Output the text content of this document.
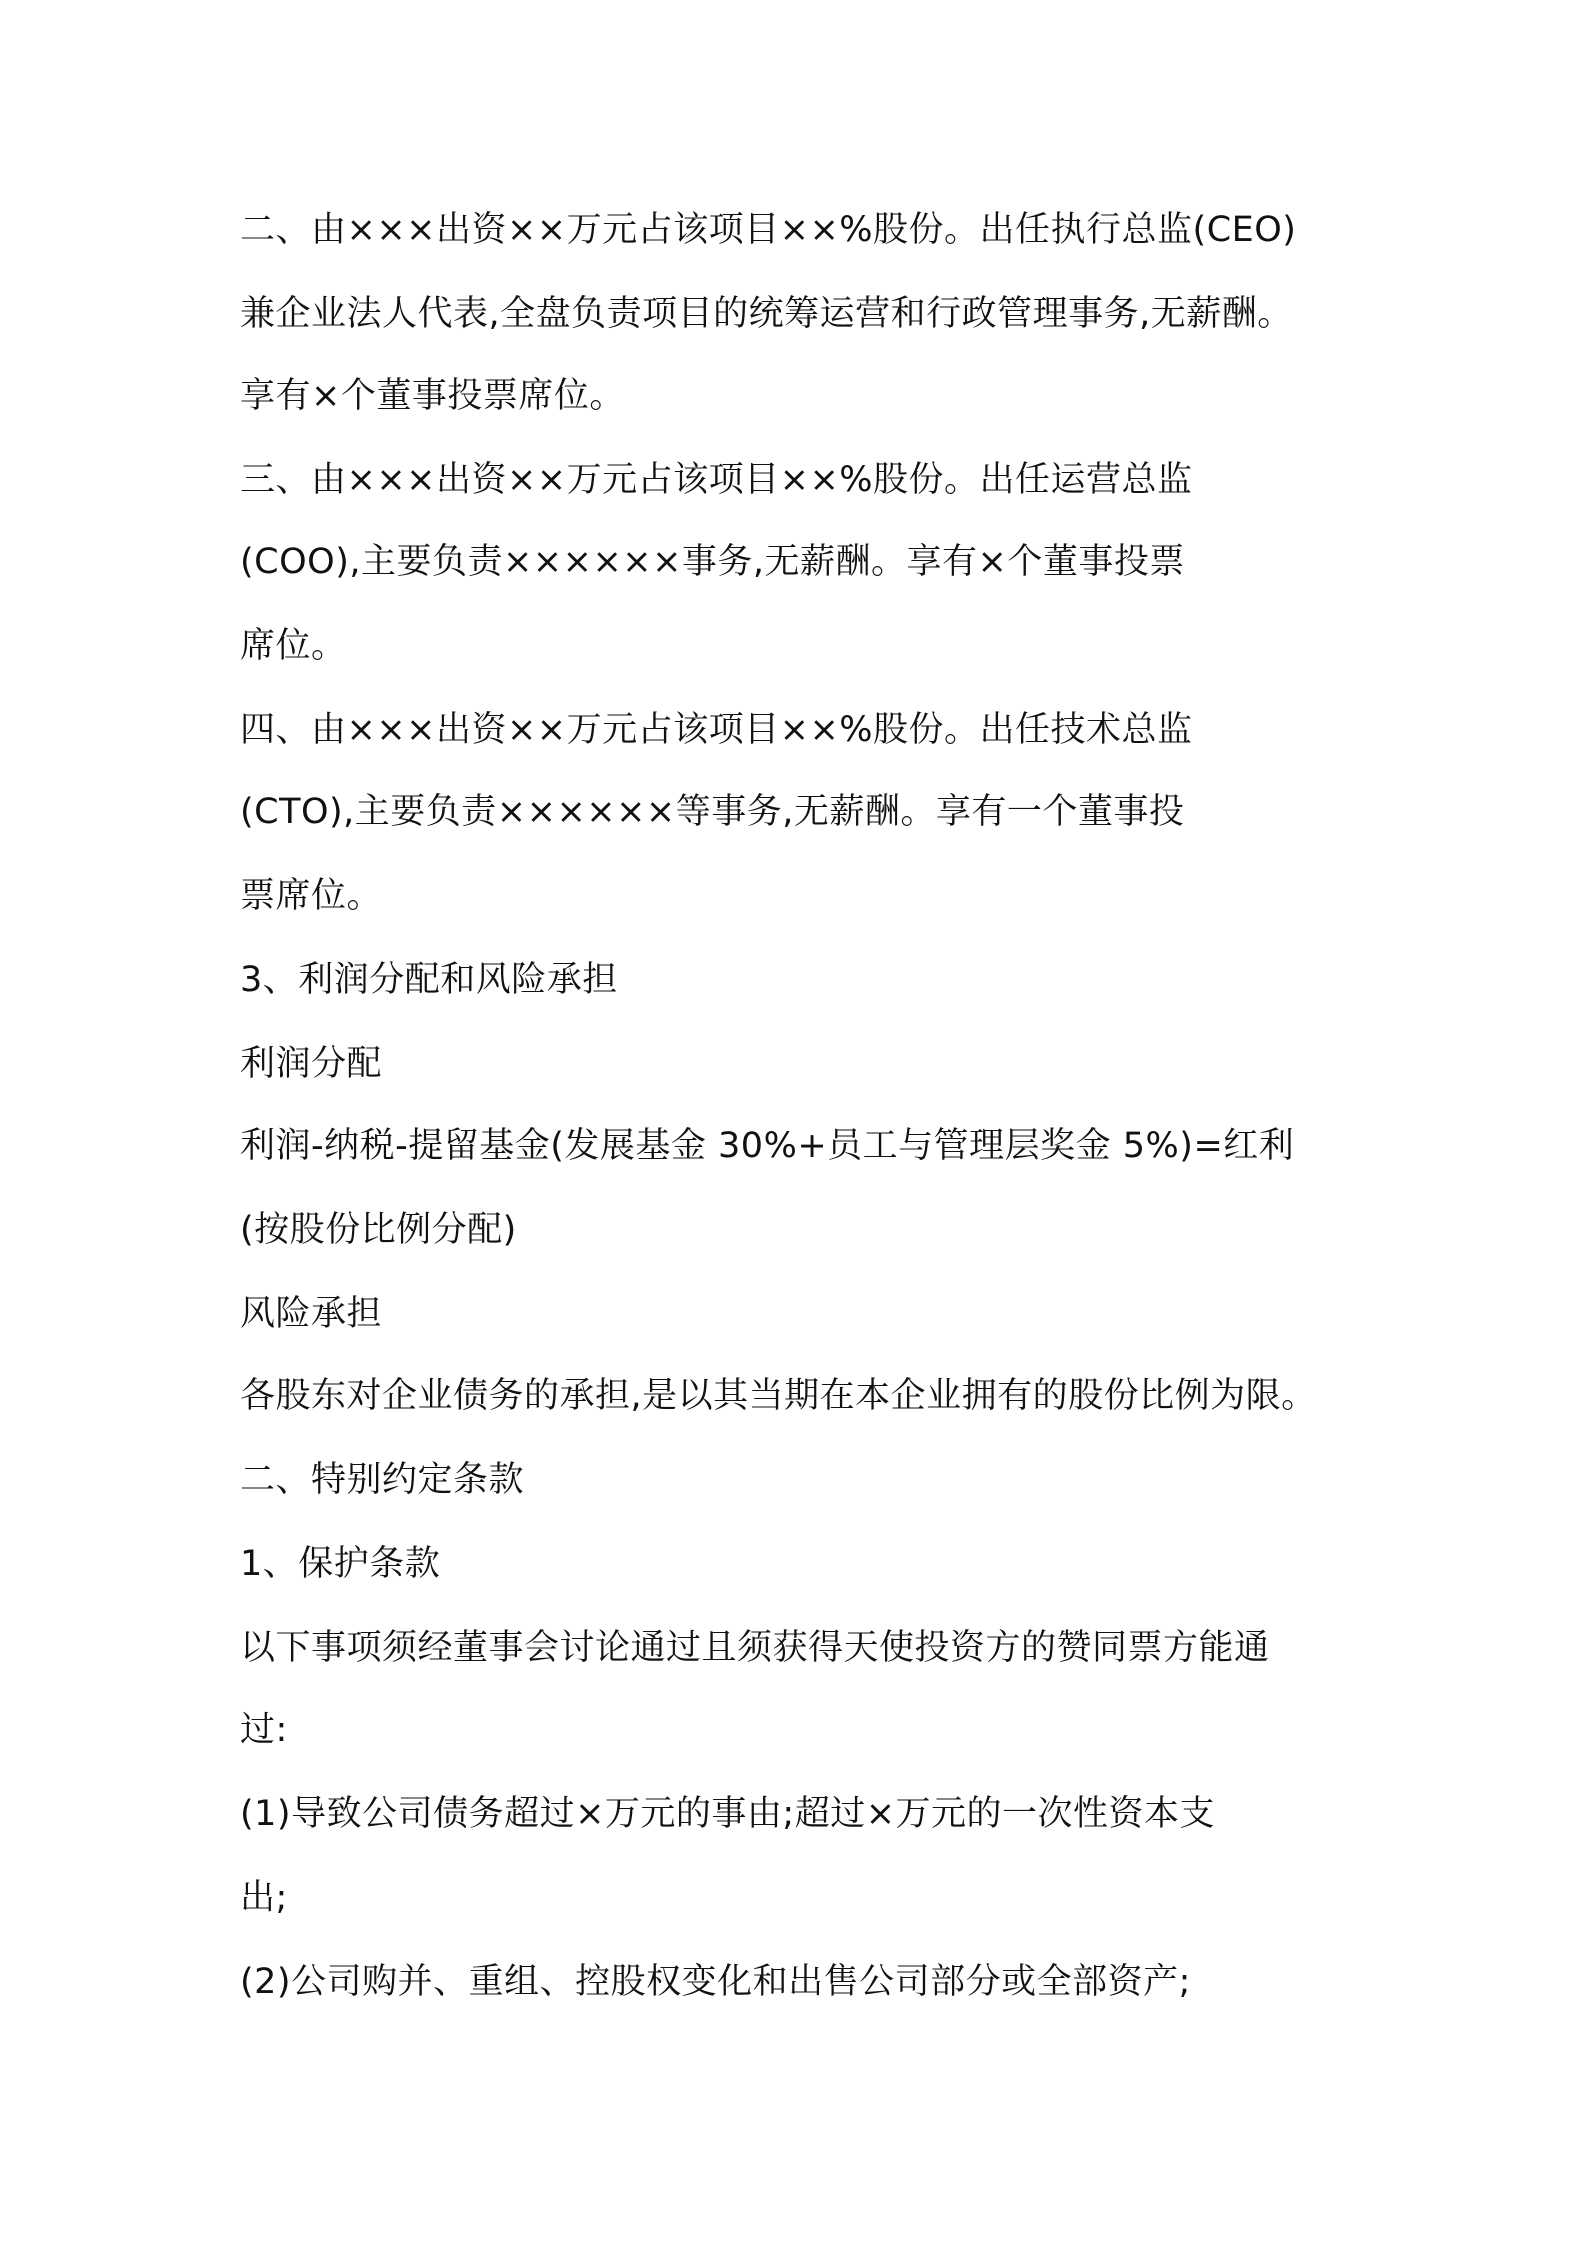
二、由×××出资××万元占该项目××%股份。出任执行总监(CEO)
兼企业法人代表,全盘负责项目的统筹运营和行政管理事务,无薪酬。
享有×个董事投票席位。
三、由×××出资××万元占该项目××%股份。出任运营总监
(COO),主要负责××××××事务,无薪酬。享有×个董事投票
席位。
四、由×××出资××万元占该项目××%股份。出任技术总监
(CTO),主要负责××××××等事务,无薪酬。享有一个董事投
票席位。
3、利润分配和风险承担
利润分配
利润-纳税-提留基金(发展基金 30%+员工与管理层奖金 5%)=红利
(按股份比例分配)
风险承担
各股东对企业债务的承担,是以其当期在本企业拥有的股份比例为限。
二、特别约定条款
1、保护条款
以下事项须经董事会讨论通过且须获得天使投资方的赞同票方能通
过:
(1)导致公司债务超过×万元的事由;超过×万元的一次性资本支
出;
(2)公司购并、重组、控股权变化和出售公司部分或全部资产;
